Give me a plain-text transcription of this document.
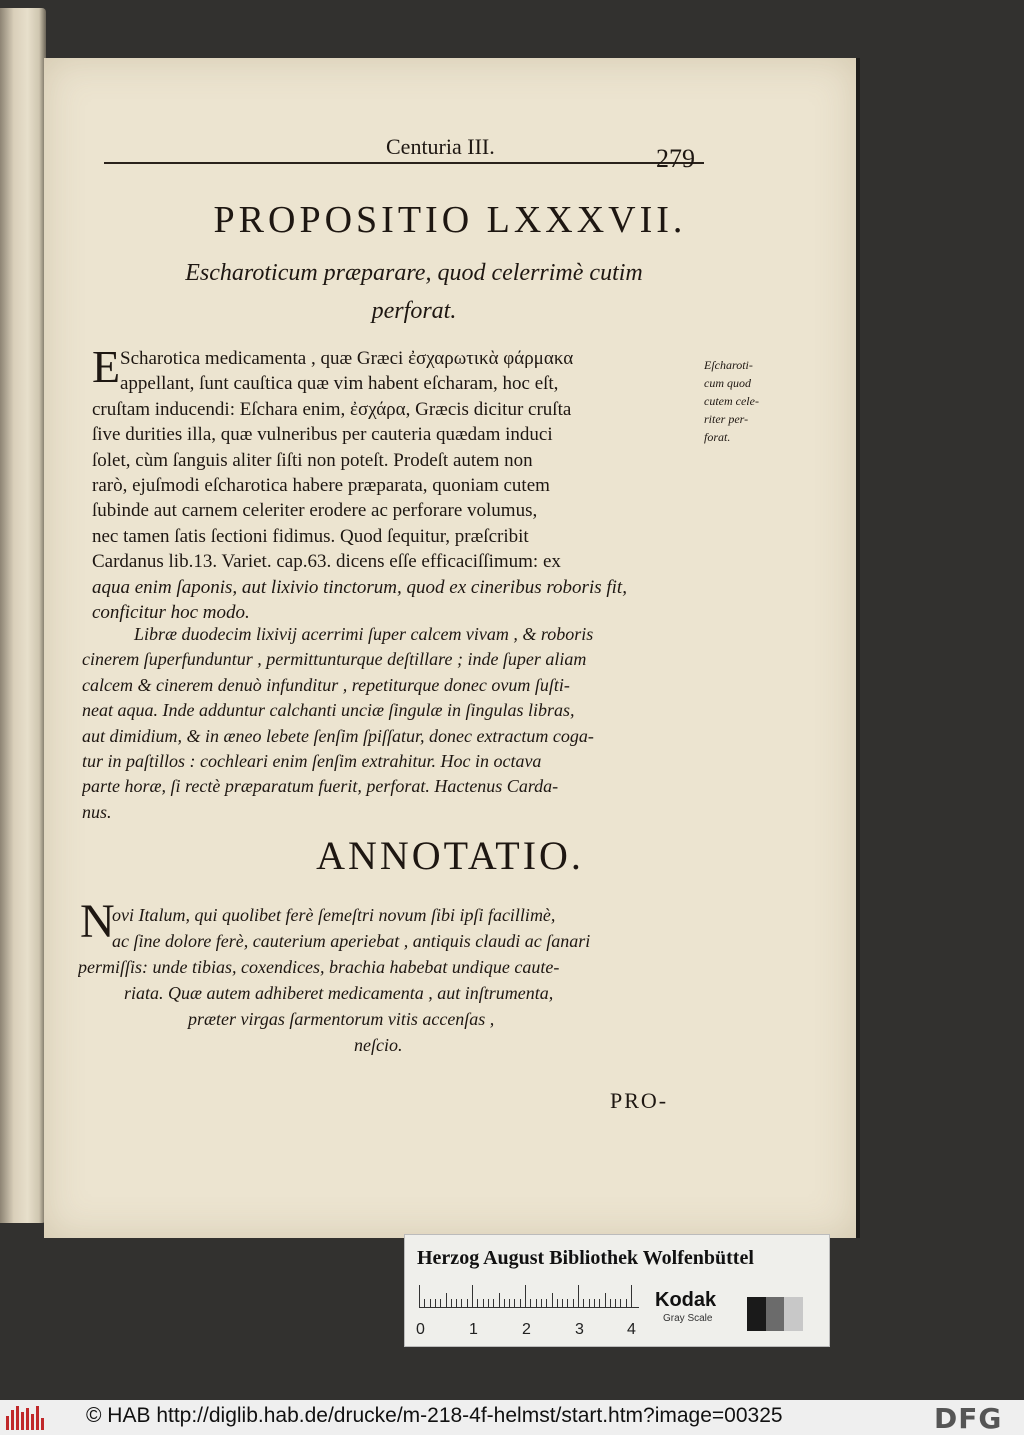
Centuria III.	279
PROPOSITIO LXXXVII.
Escharoticum præparare, quod celerrimè cutim
perforat.
E Scharotica medicamenta , quæ Græci ἐσχαρωτικὰ φάρμακα
appellant, ſunt cauſtica quæ vim habent eſcharam, hoc eſt,
cruſtam inducendi: Eſchara enim, ἐσχάρα, Græcis dicitur cruſta
ſive durities illa, quæ vulneribus per cauteria quædam induci
ſolet, cùm ſanguis aliter ſiſti non poteſt. Prodeſt autem non
rarò, ejuſmodi eſcharotica habere præparata, quoniam cutem
ſubinde aut carnem celeriter erodere ac perforare volumus,
nec tamen ſatis ſectioni fidimus. Quod ſequitur, præſcribit
Cardanus lib.13. Variet. cap.63. dicens eſſe efficaciſſimum: ex
aqua enim ſaponis, aut lixivio tinctorum, quod ex cineribus roboris fit,
conficitur hoc modo.
Eſcharoti-
cum quod
cutem cele-
riter per-
forat.
Libræ duodecim lixivij acerrimi ſuper calcem vivam , & roboris
cinerem ſuperfunduntur , permittunturque deſtillare ; inde ſuper aliam
calcem & cinerem denuò infunditur , repetiturque donec ovum ſuſti-
neat aqua. Inde adduntur calchanti unciæ ſingulæ in ſingulas libras,
aut dimidium, & in æneo lebete ſenſim ſpiſſatur, donec extractum coga-
tur in paſtillos : cochleari enim ſenſim extrahitur. Hoc in octava
parte horæ, ſi rectè præparatum fuerit, perforat. Hactenus Carda-
nus.
ANNOTATIO.
N
ovi Italum, qui quolibet ferè ſemeſtri novum ſibi ipſi facillimè,
ac ſine dolore ferè, cauterium aperiebat , antiquis claudi ac ſanari
permiſſis: unde tibias, coxendices, brachia habebat undique caute-
riata. Quæ autem adhiberet medicamenta , aut inſtrumenta,
præter virgas ſarmentorum vitis accenſas ,
neſcio.
PRO-
Herzog August Bibliothek Wolfenbüttel
0	1	2	3	4
Kodak
Gray Scale
© HAB http://diglib.hab.de/drucke/m-218-4f-helmst/start.htm?image=00325	DFG
